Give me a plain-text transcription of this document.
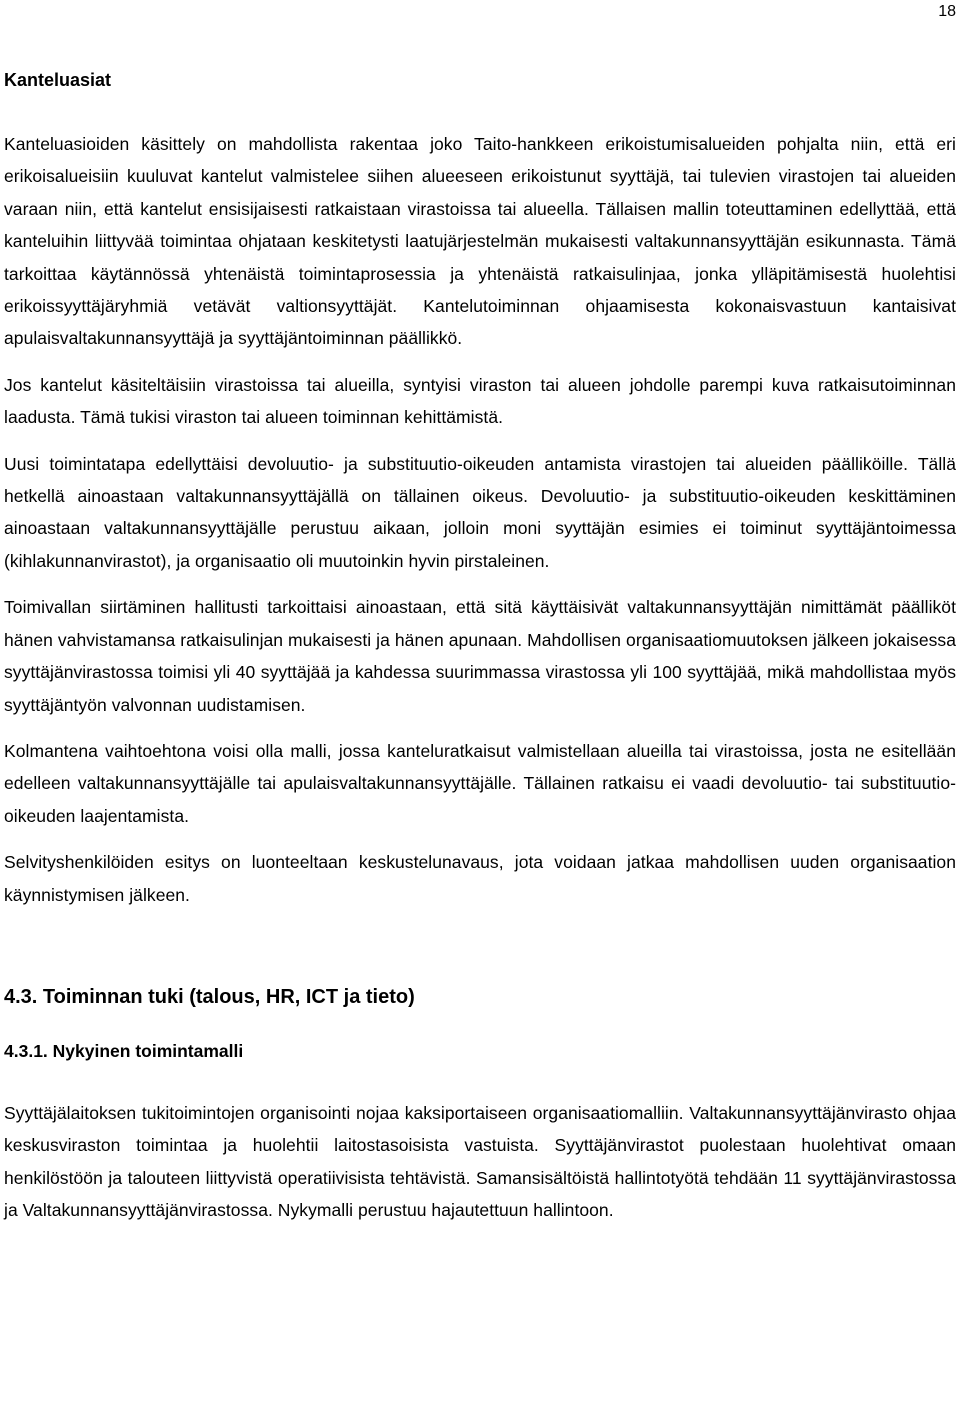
18
Kanteluasiat

Kanteluasioiden käsittely on mahdollista rakentaa joko Taito-hankkeen erikoistumisalueiden pohjalta niin, että eri erikoisalueisiin kuuluvat kantelut valmistelee siihen alueeseen erikoistunut syyttäjä, tai tulevien virastojen tai alueiden varaan niin, että kantelut ensisijaisesti ratkaistaan virastoissa tai alueella. Tällaisen mallin toteuttaminen edellyttää, että kanteluihin liittyvää toimintaa ohjataan keskitetysti laatujärjestelmän mukaisesti valtakunnansyyttäjän esikunnasta. Tämä tarkoittaa käytännössä yhtenäistä toimintaprosessia ja yhtenäistä ratkaisulinjaa, jonka ylläpitämisestä huolehtisi erikoissyyttäjäryhmiä vetävät valtionsyyttäjät. Kantelutoiminnan ohjaamisesta kokonaisvastuun kantaisivat apulaisvaltakunnansyyttäjä ja syyttäjäntoiminnan päällikkö.

Jos kantelut käsiteltäisiin virastoissa tai alueilla, syntyisi viraston tai alueen johdolle parempi kuva ratkaisutoiminnan laadusta. Tämä tukisi viraston tai alueen toiminnan kehittämistä.

Uusi toimintatapa edellyttäisi devoluutio- ja substituutio-oikeuden antamista virastojen tai alueiden päälliköille. Tällä hetkellä ainoastaan valtakunnansyyttäjällä on tällainen oikeus. Devoluutio- ja substituutio-oikeuden keskittäminen ainoastaan valtakunnansyyttäjälle perustuu aikaan, jolloin moni syyttäjän esimies ei toiminut syyttäjäntoimessa (kihlakunnanvirastot), ja organisaatio oli muutoinkin hyvin pirstaleinen.

Toimivallan siirtäminen hallitusti tarkoittaisi ainoastaan, että sitä käyttäisivät valtakunnansyyttäjän nimittämät päälliköt hänen vahvistamansa ratkaisulinjan mukaisesti ja hänen apunaan. Mahdollisen organisaatiomuutoksen jälkeen jokaisessa syyttäjänvirastossa toimisi yli 40 syyttäjää ja kahdessa suurimmassa virastossa yli 100 syyttäjää, mikä mahdollistaa myös syyttäjäntyön valvonnan uudistamisen.

Kolmantena vaihtoehtona voisi olla malli, jossa kanteluratkaisut valmistellaan alueilla tai virastoissa, josta ne esitellään edelleen valtakunnansyyttäjälle tai apulaisvaltakunnansyyttäjälle. Tällainen ratkaisu ei vaadi devoluutio- tai substituutio-oikeuden laajentamista.

Selvityshenkilöiden esitys on luonteeltaan keskustelunavaus, jota voidaan jatkaa mahdollisen uuden organisaation käynnistymisen jälkeen.

4.3. Toiminnan tuki (talous, HR, ICT ja tieto)
4.3.1. Nykyinen toimintamalli

Syyttäjälaitoksen tukitoimintojen organisointi nojaa kaksiportaiseen organisaatiomalliin. Valtakunnansyyttäjänvirasto ohjaa keskusviraston toimintaa ja huolehtii laitostasoisista vastuista. Syyttäjänvirastot puolestaan huolehtivat omaan henkilöstöön ja talouteen liittyvistä operatiivisista tehtävistä. Samansisältöistä hallintotyötä tehdään 11 syyttäjänvirastossa ja Valtakunnansyyttäjänvirastossa. Nykymalli perustuu hajautettuun hallintoon.
